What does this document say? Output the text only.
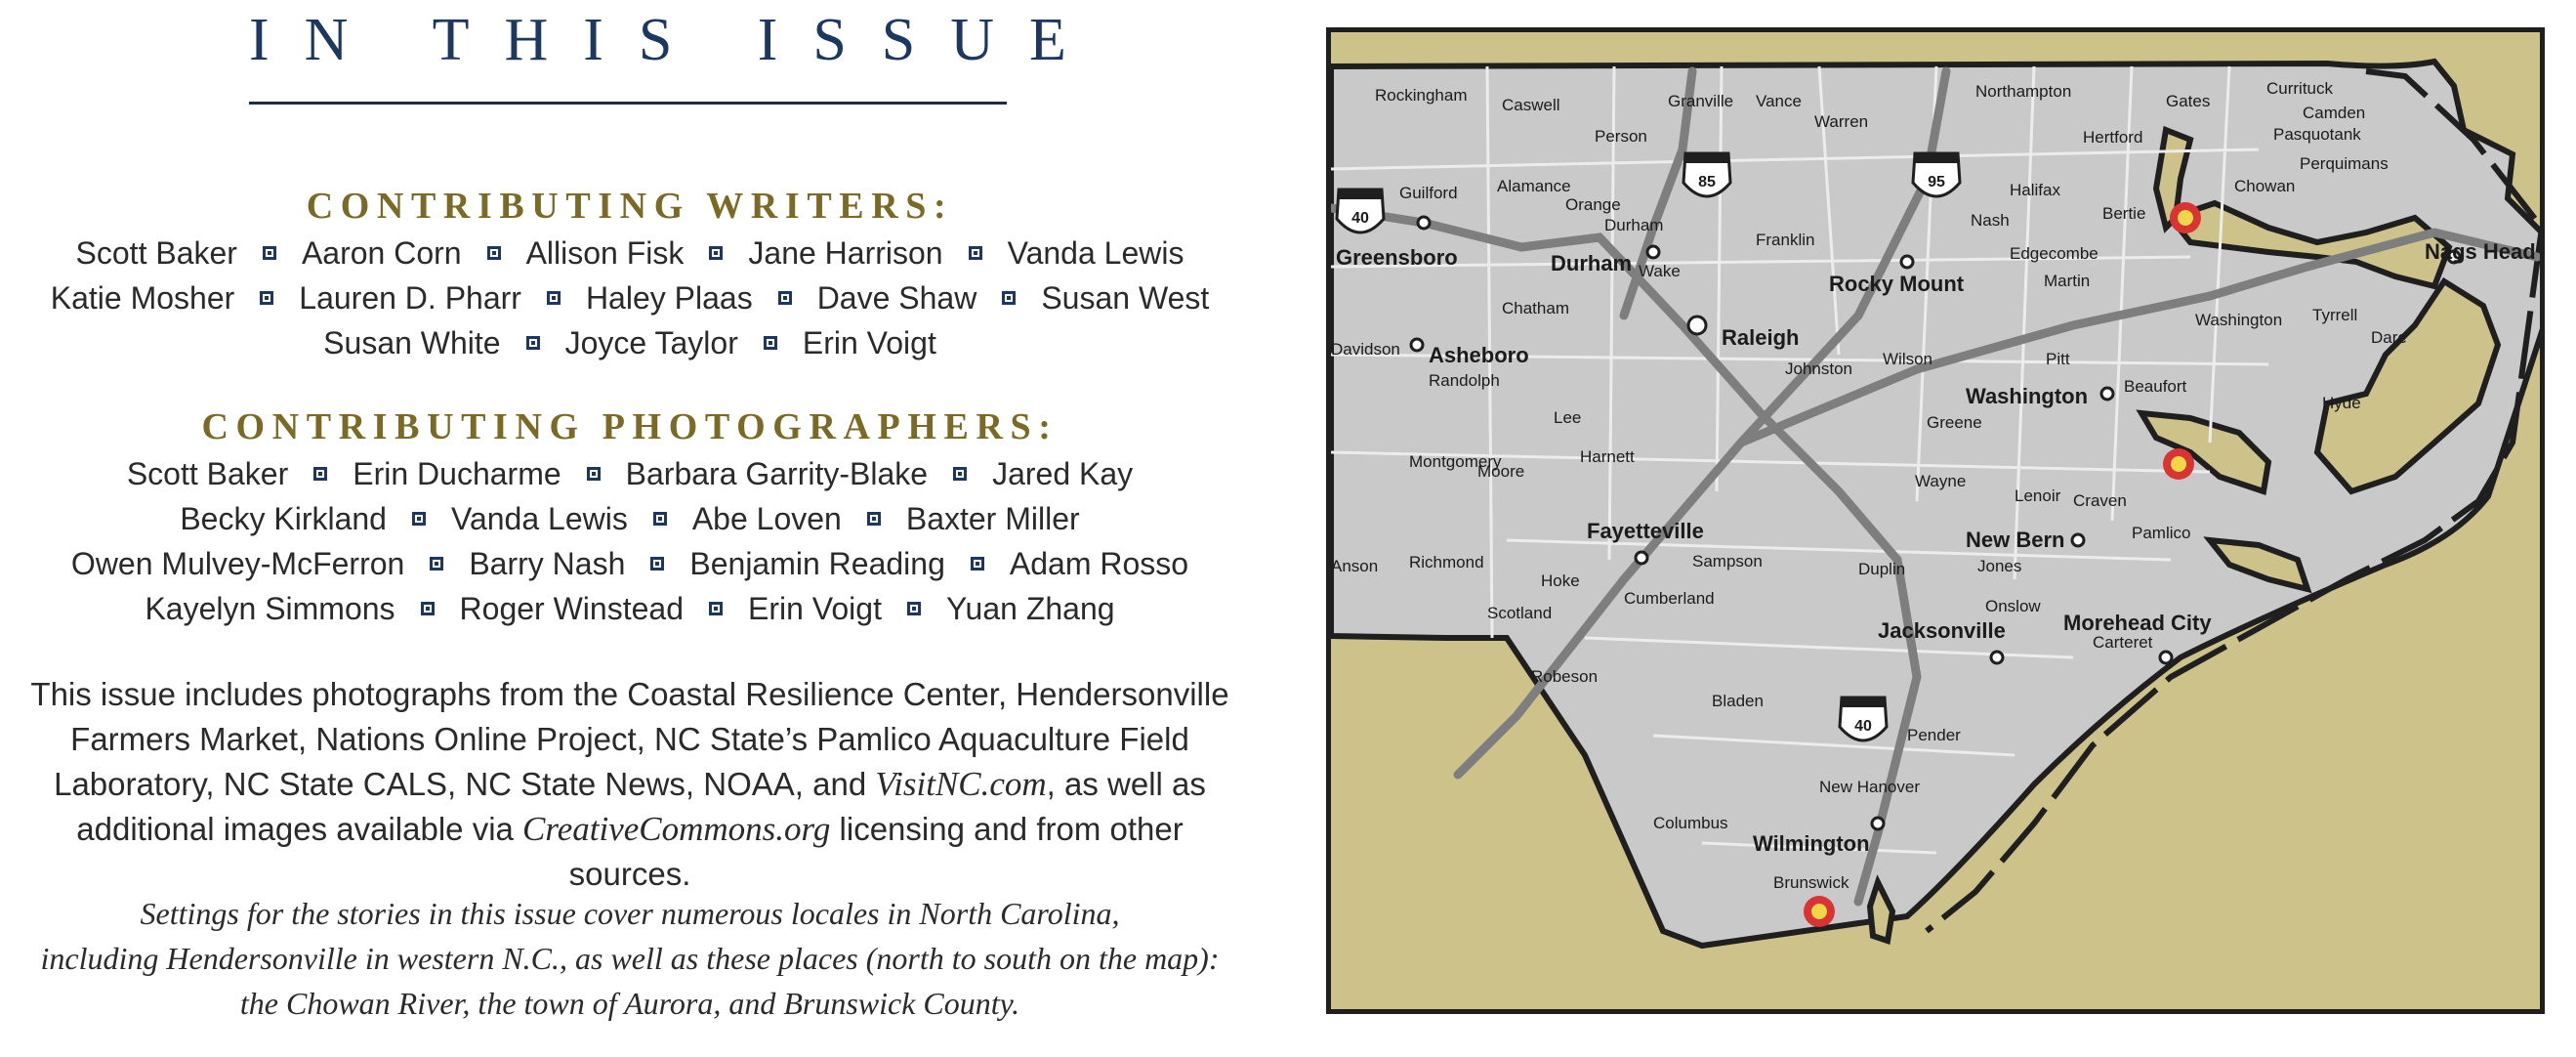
IN THIS ISSUE
CONTRIBUTING WRITERS:
Scott Baker Aaron Corn Allison Fisk Jane Harrison Vanda Lewis
Katie Mosher Lauren D. Pharr Haley Plaas Dave Shaw Susan West
Susan White Joyce Taylor Erin Voigt
CONTRIBUTING PHOTOGRAPHERS:
Scott Baker Erin Ducharme Barbara Garrity-Blake Jared Kay
Becky Kirkland Vanda Lewis Abe Loven Baxter Miller
Owen Mulvey-McFerron Barry Nash Benjamin Reading Adam Rosso
Kayelyn Simmons Roger Winstead Erin Voigt Yuan Zhang
This issue includes photographs from the Coastal Resilience Center, Hendersonville Farmers Market, Nations Online Project, NC State’s Pamlico Aquaculture Field Laboratory, NC State CALS, NC State News, NOAA, and VisitNC.com, as well as additional images available via CreativeCommons.org licensing and from other sources.
Settings for the stories in this issue cover numerous locales in North Carolina,
including Hendersonville in western N.C., as well as these places (north to south on the map):
the Chowan River, the town of Aurora, and Brunswick County.
40
85	95
40
Greensboro	Durham
Raleigh
Rocky Mount
Asheboro
Washington
Fayetteville	New Bern
Jacksonville	Morehead City
Wilmington
Nags Head
Rockingham
Caswell	Granville Vance
Warren
Northampton
Gates
Currituck
Camden
Pasquotank
Perquimans
Chowan
Hertford
Bertie
Halifax
Nash
Edgecombe
Martin
Washington Tyrrell
Dare
Guilford Alamance
Orange
Person
Durham
Wake
Franklin
Chatham
Randolph
Lee
Johnston
Wilson	Pitt
Beaufort
Hyde
Greene
Harnett
Montgomery
Moore
Wayne
Lenoir Craven
Pamlico
Richmond
Hoke
Sampson	Duplin	Jones
Scotland
Cumberland	Onslow
Carteret
Robeson
Bladen
Pender
New Hanover
Columbus
Brunswick
Anson
Davidson
